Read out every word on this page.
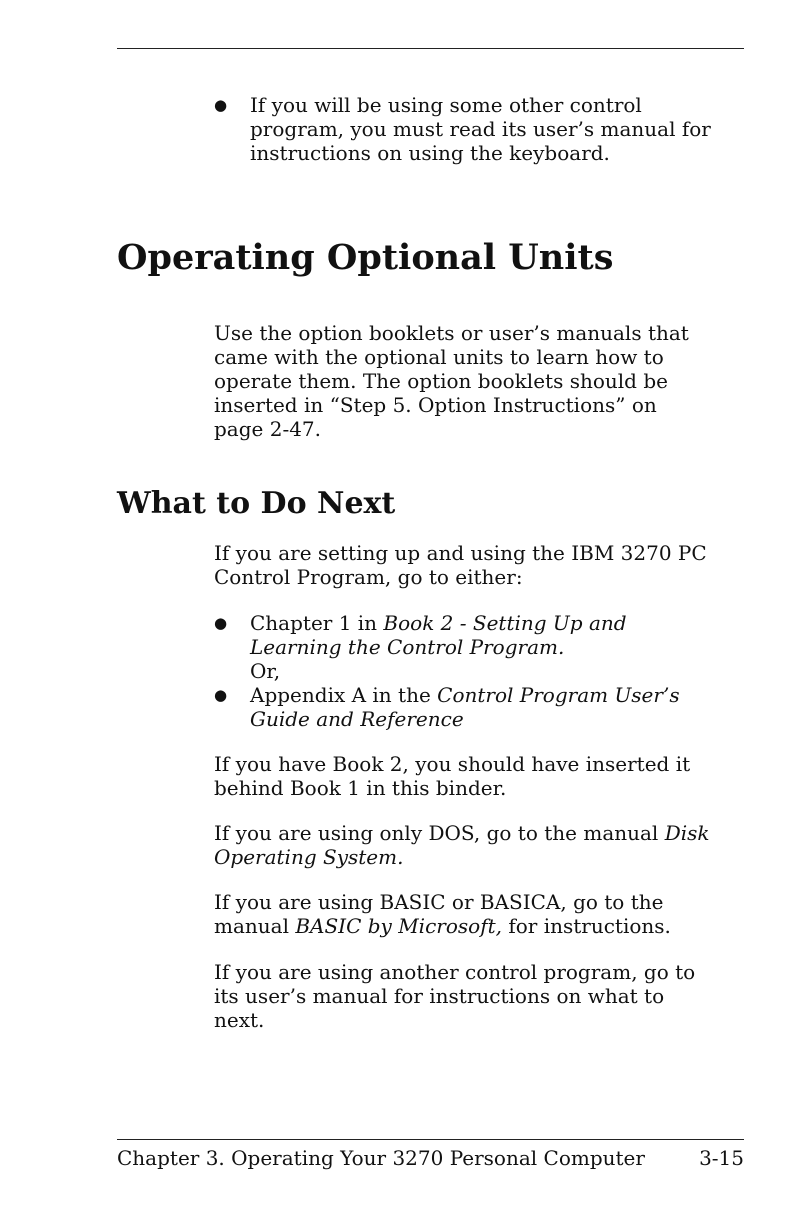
●	If you will be using some other control
program, you must read its user’s manual for
instructions on using the keyboard.
Operating Optional Units

Use the option booklets or user’s manuals that
came with the optional units to learn how to
operate them. The option booklets should be
inserted in “Step 5. Option Instructions” on
page 2-47.

What to Do Next

If you are setting up and using the IBM 3270 PC
Control Program, go to either:

●	Chapter 1 in Book 2 - Setting Up and
Learning the Control Program.
Or,
●	Appendix A in the Control Program User’s
Guide and Reference

If you have Book 2, you should have inserted it
behind Book 1 in this binder.

If you are using only DOS, go to the manual Disk
Operating System.

If you are using BASIC or BASICA, go to the
manual BASIC by Microsoft, for instructions.

If you are using another control program, go to
its user’s manual for instructions on what to
next.

Chapter 3. Operating Your 3270 Personal Computer	3-15
